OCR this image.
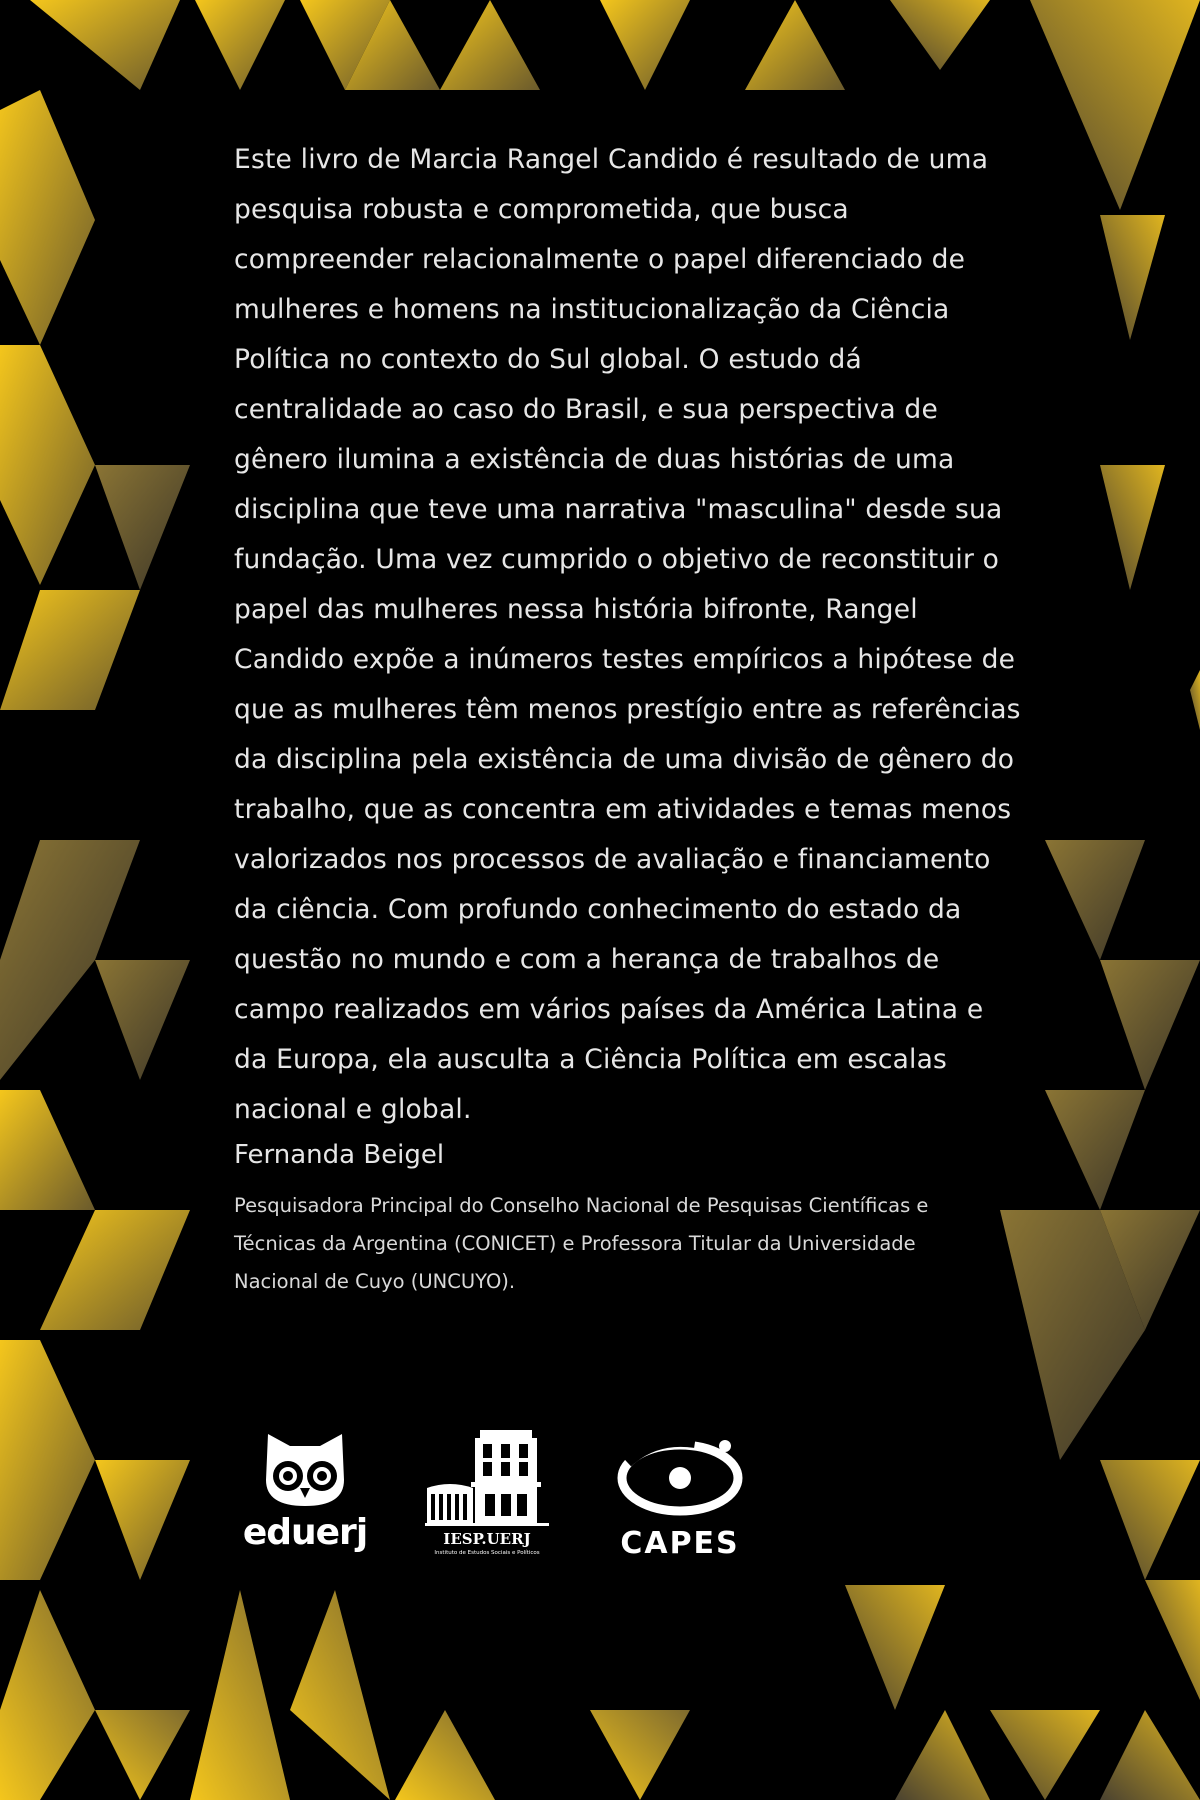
Este livro de Marcia Rangel Candido é resultado de uma pesquisa robusta e comprometida, que busca compreender relacionalmente o papel diferenciado de mulheres e homens na institucionalização da Ciência Política no contexto do Sul global. O estudo dá centralidade ao caso do Brasil, e sua perspectiva de gênero ilumina a existência de duas histórias de uma disciplina que teve uma narrativa "masculina" desde sua fundação. Uma vez cumprido o objetivo de reconstituir o papel das mulheres nessa história bifronte, Rangel Candido expõe a inúmeros testes empíricos a hipótese de que as mulheres têm menos prestígio entre as referências da disciplina pela existência de uma divisão de gênero do trabalho, que as concentra em atividades e temas menos valorizados nos processos de avaliação e financiamento da ciência. Com profundo conhecimento do estado da questão no mundo e com a herança de trabalhos de campo realizados em vários países da América Latina e da Europa, ela ausculta a Ciência Política em escalas nacional e global.

Fernanda Beigel

Pesquisadora Principal do Conselho Nacional de Pesquisas Científicas e Técnicas da Argentina (CONICET) e Professora Titular da Universidade Nacional de Cuyo (UNCUYO).

eduerj	IESP.UERJ
Instituto de Estudos Sociais e Políticos	CAPES
